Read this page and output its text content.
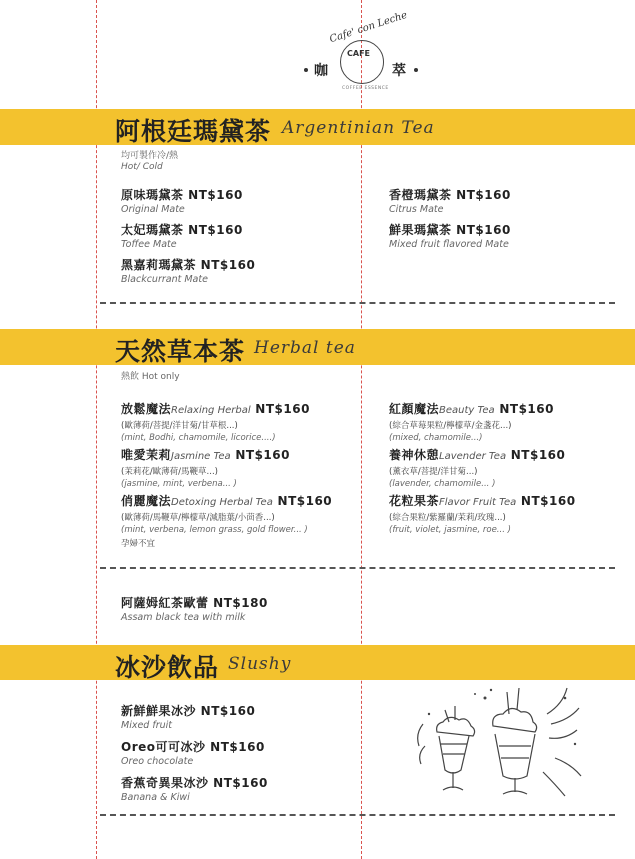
Cafe' con Leche
CAFE
咖	萃
COFFEE ESSENCE
阿根廷瑪黛茶 Argentinian Tea
均可製作冷/熱
Hot/ Cold
原味瑪黛茶 NT$160
Original Mate
太妃瑪黛茶 NT$160
Toffee Mate
黑嘉莉瑪黛茶 NT$160
Blackcurrant Mate
香橙瑪黛茶 NT$160
Citrus Mate
鮮果瑪黛茶 NT$160
Mixed fruit flavored Mate
天然草本茶 Herbal tea
熱飲 Hot only
放鬆魔法Relaxing Herbal NT$160
(歐薄荷/菩提/洋甘菊/甘草根...)
(mint, Bodhi, chamomile, licorice....)
唯愛茉莉Jasmine Tea NT$160
(茉莉花/歐薄荷/馬鞭草...)
(jasmine, mint, verbena... )
俏麗魔法Detoxing Herbal Tea NT$160
(歐薄荷/馬鞭草/檸檬草/減脂葉/小茴香...)
(mint, verbena, lemon grass, gold flower... )
孕婦不宜
紅顏魔法Beauty Tea NT$160
(綜合草莓果粒/檸檬草/金盞花...)
(mixed, chamomile...)
養神休憩Lavender Tea NT$160
(薰衣草/菩提/洋甘菊...)
(lavender, chamomile... )
花粒果茶Flavor Fruit Tea NT$160
(綜合果粒/紫羅蘭/茉莉/玫瑰...)
(fruit, violet, jasmine, roe... )
阿薩姆紅茶歐蕾 NT$180
Assam black tea with milk
冰沙飲品 Slushy
新鮮鮮果冰沙 NT$160
Mixed fruit
Oreo可可冰沙 NT$160
Oreo chocolate
香蕉奇異果冰沙 NT$160
Banana & Kiwi
